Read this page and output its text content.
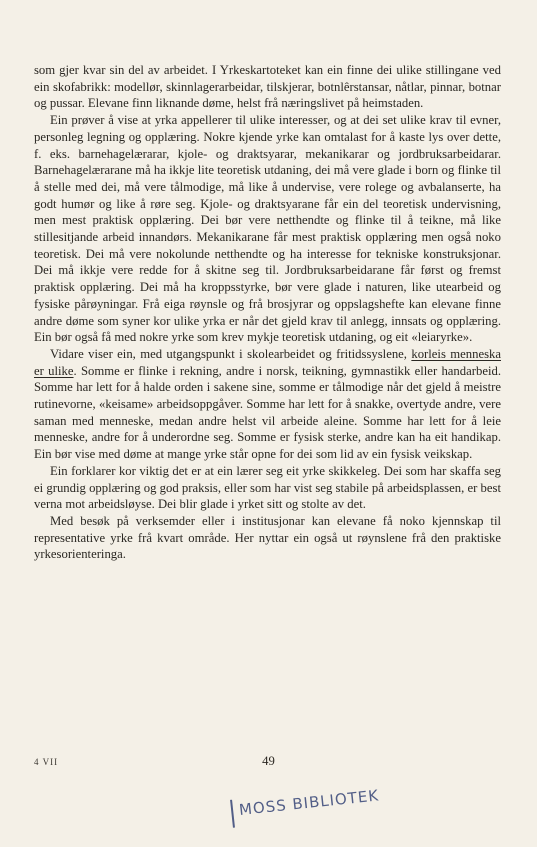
som gjer kvar sin del av arbeidet. I Yrkeskartoteket kan ein finne dei ulike stillingane ved ein skofabrikk: modellør, skinnlagerarbeidar, tilskjerar, botnlêrstansar, nåtlar, pinnar, botnar og pussar. Elevane finn liknande døme, helst frå næringslivet på heimstaden.

Ein prøver å vise at yrka appellerer til ulike interesser, og at dei set ulike krav til evner, personleg legning og opplæring. Nokre kjende yrke kan omtalast for å kaste lys over dette, f. eks. barnehagelærarar, kjole- og draktsyarar, mekanikarar og jordbruksarbeidarar. Barnehagelærarane må ha ikkje lite teoretisk utdaning, dei må vere glade i born og flinke til å stelle med dei, må vere tålmodige, må like å undervise, vere rolege og avbalanserte, ha godt humør og like å røre seg. Kjole- og draktsyarane får ein del teoretisk undervisning, men mest praktisk opplæring. Dei bør vere netthendte og flinke til å teikne, må like stillesitjande arbeid innandørs. Mekanikarane får mest praktisk opplæring men også noko teoretisk. Dei må vere nokolunde netthendte og ha interesse for tekniske konstruksjonar. Dei må ikkje vere redde for å skitne seg til. Jordbruksarbeidarane får først og fremst praktisk opplæring. Dei må ha kroppsstyrke, bør vere glade i naturen, like utearbeid og fysiske pårøyningar. Frå eiga røynsle og frå brosjyrar og oppslagshefte kan elevane finne andre døme som syner kor ulike yrka er når det gjeld krav til anlegg, innsats og opplæring. Ein bør også få med nokre yrke som krev mykje teoretisk utdaning, og eit «leiaryrke».

Vidare viser ein, med utgangspunkt i skolearbeidet og fritidssyslene, korleis menneska er ulike. Somme er flinke i rekning, andre i norsk, teikning, gymnastikk eller handarbeid. Somme har lett for å halde orden i sakene sine, somme er tålmodige når det gjeld å meistre rutinevorne, «keisame» arbeidsoppgåver. Somme har lett for å snakke, overtyde andre, vere saman med menneske, medan andre helst vil arbeide aleine. Somme har lett for å leie menneske, andre for å underordne seg. Somme er fysisk sterke, andre kan ha eit handikap. Ein bør vise med døme at mange yrke står opne for dei som lid av ein fysisk veikskap.

Ein forklarer kor viktig det er at ein lærer seg eit yrke skikkeleg. Dei som har skaffa seg ei grundig opplæring og god praksis, eller som har vist seg stabile på arbeidsplassen, er best verna mot arbeidsløyse. Dei blir glade i yrket sitt og stolte av det.

Med besøk på verksemder eller i institusjonar kan elevane få noko kjennskap til representative yrke frå kvart område. Her nyttar ein også ut røynslene frå den praktiske yrkesorienteringa.

4 VII	49
MOSS BIBLIOTEK
